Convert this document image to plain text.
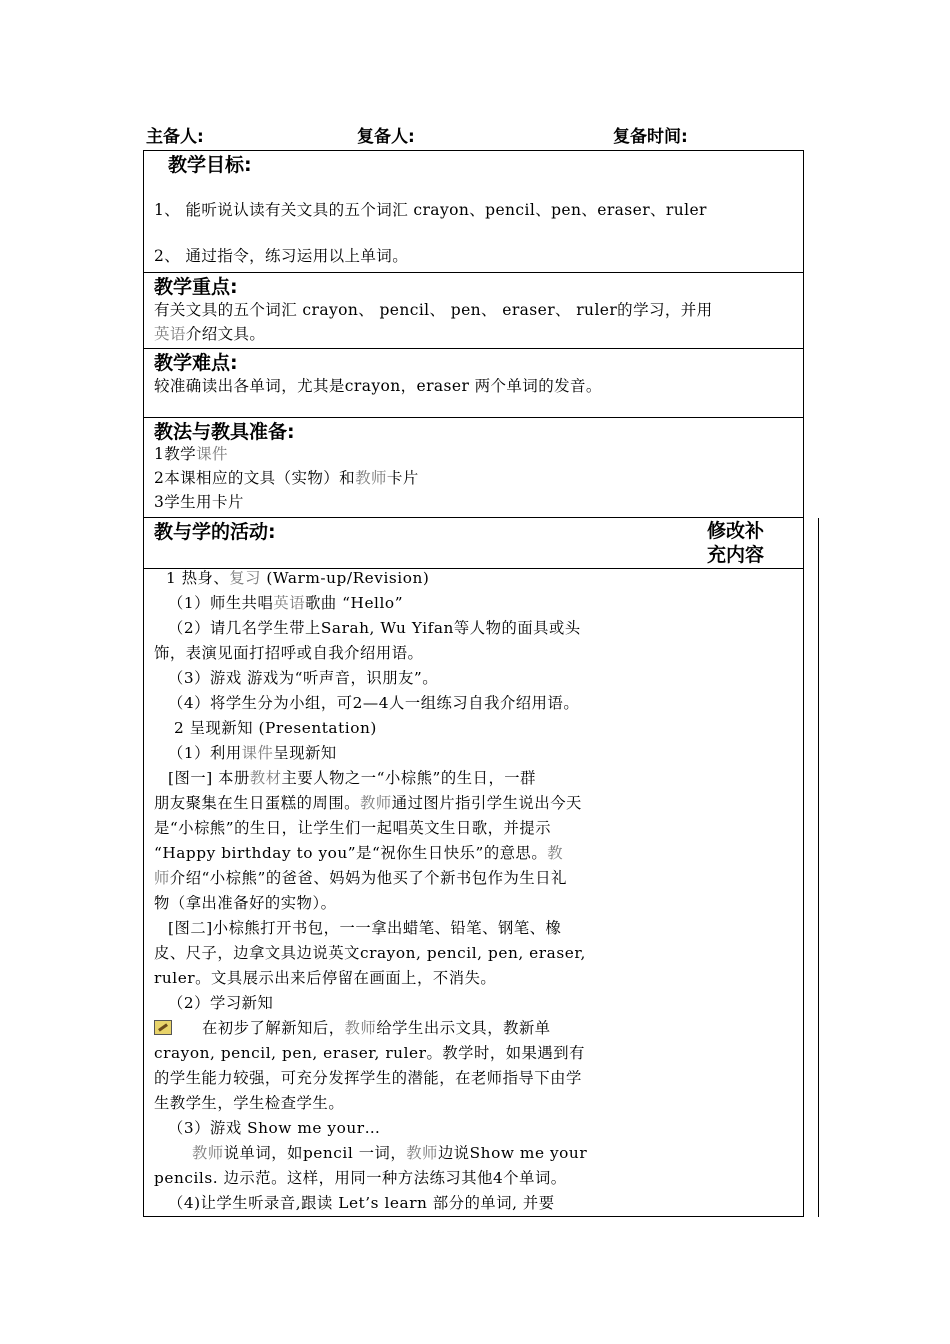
主备人:	复备人:	复备时间:
教学目标:
1、 能听说认读有关文具的五个词汇 crayon、pencil、pen、eraser、ruler
2、 通过指令，练习运用以上单词。
教学重点:
有关文具的五个词汇 crayon、 pencil、 pen、 eraser、 ruler的学习，并用
英语介绍文具。
教学难点:
较准确读出各单词，尤其是crayon，eraser 两个单词的发音。
教法与教具准备:
1教学课件
2本课相应的文具（实物）和教师卡片
3学生用卡片
教与学的活动:	修改补
充内容
1 热身、复习 (Warm-up/Revision)
（1）师生共唱英语歌曲 “Hello”
（2）请几名学生带上Sarah, Wu Yifan等人物的面具或头
饰，表演见面打招呼或自我介绍用语。
（3）游戏 游戏为“听声音，识朋友”。
（4）将学生分为小组，可2—4人一组练习自我介绍用语。
2 呈现新知 (Presentation)
（1）利用课件呈现新知
[图一] 本册教材主要人物之一“小棕熊”的生日，一群
朋友聚集在生日蛋糕的周围。教师通过图片指引学生说出今天
是“小棕熊”的生日，让学生们一起唱英文生日歌，并提示
“Happy birthday to you”是“祝你生日快乐”的意思。教
师介绍“小棕熊”的爸爸、妈妈为他买了个新书包作为生日礼
物（拿出准备好的实物）。
[图二]小棕熊打开书包，一一拿出蜡笔、铅笔、钢笔、橡
皮、尺子，边拿文具边说英文crayon, pencil, pen, eraser,
ruler。文具展示出来后停留在画面上，不消失。
（2）学习新知
在初步了解新知后，教师给学生出示文具，教新单
crayon, pencil, pen, eraser, ruler。教学时，如果遇到有
的学生能力较强，可充分发挥学生的潜能，在老师指导下由学
生教学生，学生检查学生。
（3）游戏 Show me your…
教师说单词，如pencil 一词，教师边说Show me your
pencils. 边示范。这样，用同一种方法练习其他4个单词。
（4)让学生听录音,跟读 Let’s learn 部分的单词, 并要
